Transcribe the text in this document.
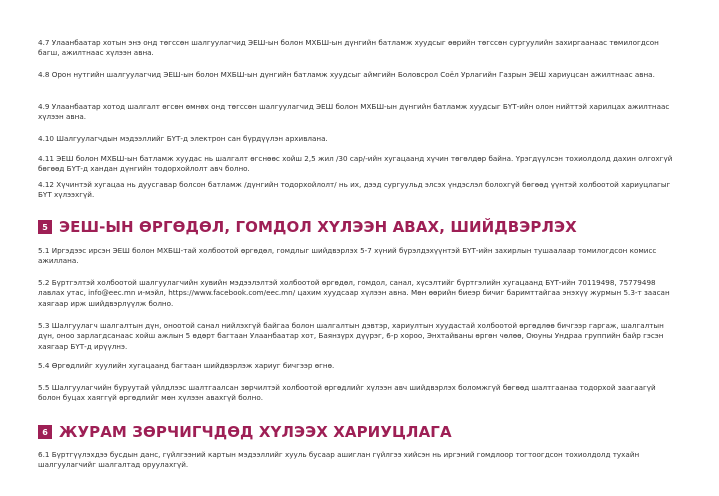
4.7 Улаанбаатар хотын энэ онд төгссөн шалгуулагчид ЭЕШ-ын болон МХБШ-ын дүнгийн батламж хуудсыг өөрийн төгссөн сургуулийн захиргаанаас төмилогдсон багш, ажилтнаас хүлээн авна.

4.8 Орон нутгийн шалгуулагчид ЭЕШ-ын болон МХБШ-ын дүнгийн батламж хуудсыг аймгийн Боловсрол Соёл Урлагийн Газрын ЭЕШ хариуцсан ажилтнаас авна.

4.9 Улаанбаатар хотод шалгалт өгсөн өмнөх онд төгссөн шалгуулагчид ЭЕШ болон МХБШ-ын дүнгийн батламж хуудсыг БҮТ-ийн олон нийттэй харилцах ажилтнаас хүлээн авна.

4.10 Шалгуулагчдын мэдээллийг БҮТ-д электрон сан бүрдүүлэн архивлана.

4.11 ЭЕШ болон МХБШ-ын батламж хуудас нь шалгалт өгснөөс хойш 2,5 жил /30 сар/-ийн хугацаанд хүчин төгөлдөр байна. Үрэгдүүлсэн тохиолдолд дахин олгохгүй бөгөөд БҮТ-д хандан дүнгийн тодорхойлолт авч болно.

4.12 Хүчинтэй хугацаа нь дуусгавар болсон батламж /дүнгийн тодорхойлолт/ нь их, дээд сургуульд элсэх үндэслэл болохгүй бөгөөд үүнтэй холбоотой хариуцлагыг БҮТ хүлээхгүй.

5 ЭЕШ-ЫН ӨРГӨДӨЛ, ГОМДОЛ ХҮЛЭЭН АВАХ, ШИЙДВЭРЛЭХ

5.1 Иргэдээс ирсэн ЭЕШ болон МХБШ-тай холбоотой өргөдөл, гомдлыг шийдвэрлэх 5-7 хүний бүрэлдэхүүнтэй БҮТ-ийн захирлын тушаалаар томилогдсон комисс ажиллана.

5.2 Бүртгэлтэй холбоотой шалгуулагчийн хувийн мэдээлэлтэй холбоотой өргөдөл, гомдол, санал, хүсэлтийг бүртгэлийн хугацаанд БҮТ-ийн 70119498, 75779498 лавлах утас, info@eec.mn и-мэйл, https://www.facebook.com/eec.mn/ цахим хуудсаар хүлээн авна. Мөн өөрийн биеэр бичиг баримттайгаа энэхүү журмын 5.3-т заасан хаягаар ирж шийдвэрлүүлж болно.

5.3 Шалгуулагч шалгалтын дүн, оноотой санал нийлэхгүй байгаа болон шалгалтын дэвтэр, хариултын хуудастай холбоотой өргөдлөө бичгээр гаргаж, шалгалтын дүн, оноо зарлагдсанаас хойш ажлын 5 өдөрт багтаан Улаанбаатар хот, Баянзүрх дүүрэг, 6-р хороо, Энхтайваны өргөн чөлөө, Оюуны Ундраа группийн байр гэсэн хаягаар БҮТ-д ирүүлнэ.

5.4 Өргөдлийг хуулийн хугацаанд багтаан шийдвэрлэж хариуг бичгээр өгнө.

5.5 Шалгуулагчийн буруутай үйлдлээс шалтгаалсан зөрчилтэй холбоотой өргөдлийг хүлээн авч шийдвэрлэх боломжгүй бөгөөд шалтгаанаа тодорхой заагаагүй болон буцах хаяггүй өргөдлийг мөн хүлээн авахгүй болно.

6 ЖУРАМ ЗӨРЧИГЧДӨД ХҮЛЭЭХ ХАРИУЦЛАГА

6.1 Бүртгүүлэхдээ бусдын данс, гүйлгээний картын мэдээллийг хууль бусаар ашиглан гүйлгээ хийсэн нь иргэний гомдлоор тогтоогдсон тохиолдолд тухайн шалгуулагчийг шалгалтад оруулахгүй.
